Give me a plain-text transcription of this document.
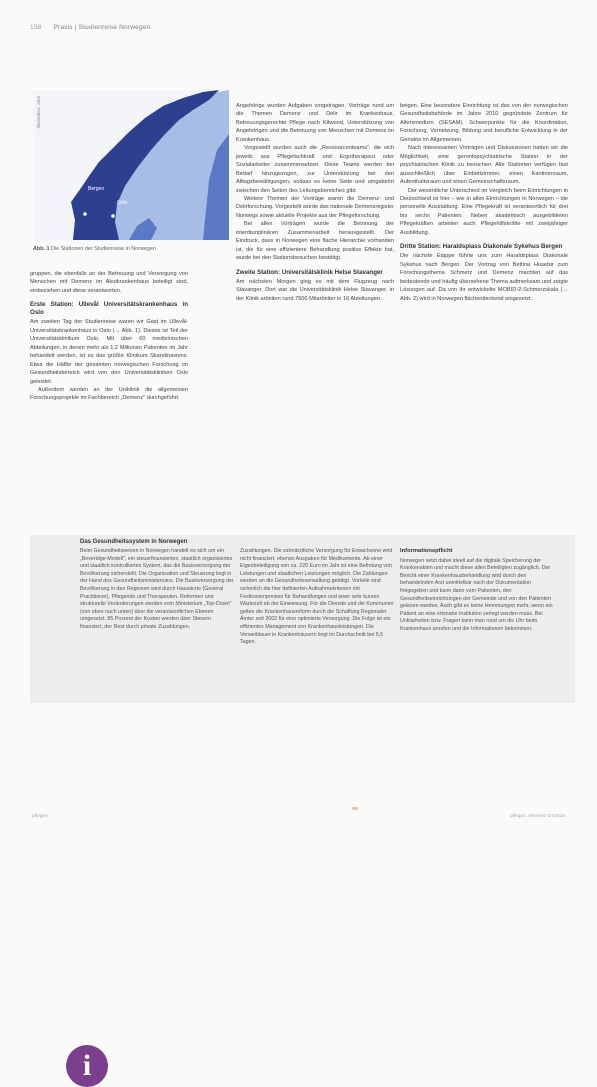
158 Praxis | Studienreise Norwegen
Bergen
Oslo
Illustration: Jobs
Abb. 1 Die Stationen der Studienreise in Norwegen

gruppen, die ebenfalls an der Betreuung und Versorgung von Menschen mit Demenz im Akutkrankenhaus beteiligt sind, einbeziehen und diese verantworten.

Erste Station: Ullevål Universitätskrankenhaus in Oslo

Am zweiten Tag der Studienreise waren wir Gast im Ullevål-Universitätskrankenhaus in Oslo (→ Abb. 1). Dieses ist Teil der Universitätsklinikum Oslo. Mit über 60 medizinischen Abteilungen, in denen mehr als 1,2 Millionen Patienten im Jahr behandelt werden, ist es das größte Klinikum Skandinaviens. Etwa die Hälfte der gesamten norwegischen Forschung im Gesundheitsbereich wird von den Universitätskliniken Oslo geleistet.

Außerdem werden an der Uniklinik die allgemeinen Forschungsprojekte im Fachbereich „Demenz" durchgeführt.

Angehörige wurden Aufgaben vorgetragen. Vorträge rund um die Themen Demenz und Delir im Krankenhaus, Betreuungsgerechte Pflege nach Kitwood, Unterstützung von Angehörigen und die Betreuung von Menschen mit Demenz im Krankenhaus.

Vorgestellt wurden auch die „Ressourcenteams", die sich jeweils aus Pflegefachkraft und Ergotherapeut oder Sozialarbeiter zusammensetzen. Diese Teams werden bei Bedarf hinzugezogen, zur Unterstützung bei den Alltagsbewältigungen, sodass es keine Seite und umgekehrt zwischen den Seiten des Leitungsbereiches gibt.

Weitere Themen der Vorträge waren die Demenz- und Delirforschung. Vorgestellt wurde das nationale Demenzregister Norwegs sowie aktuelle Projekte aus der Pflegeforschung.

Bei allen Vorträgen wurde die Betonung der interdisziplinären Zusammenarbeit herausgestellt. Der Eindruck, dass in Norwegen eine flache Hierarchie vorhanden ist, die für eine effizientere Behandlung positive Effekte hat, wurde bei den Stationsbesuchen bestätigt.

Zweite Station: Universitätsklinik Helse Stavanger

Am nächsten Morgen ging es mit dem Flugzeug nach Stavanger. Dort war die Universitätsklinik Helse Stavanger, in der Klinik arbeiten rund 7500 Mitarbeiter in 16 Abteilungen.

beigen. Eine besondere Einrichtung ist das von der norwegischen Gesundheitsbehörde im Jahre 2010 gegründete Zentrum für Altersmedizin (SESAM). Schwerpunkte für die Koordination, Forschung, Vernetzung, Bildung und berufliche Entwicklung in der Geriatrie im Allgemeinen.

Nach interessanten Vorträgen und Diskussionen hatten wir die Möglichkeit, eine gerontopsychiatrische Station in der psychiatrischen Klinik zu besuchen. Alle Stationen verfügen fast ausschließlich über Einbettzimmer, einen Kantinenraum, Aufenthaltsraum und einen Gemeinschaftsraum.

Der wesentliche Unterschied im Vergleich beim Einrichtungen in Deutschland ist hier – wie in allen Einrichtungen in Norwegen – die personelle Ausstattung. Eine Pflegekraft ist verantwortlich für drei bis sechs Patienten. Neben akademisch ausgebildeten Pflegekräften arbeiten auch Pflegehilfskräfte mit zweijähriger Ausbildung.

Dritte Station: Haraldsplass Diakonale Sykehus Bergen

Die nächste Etappe führte uns zum Haraldsplass Diakonale Sykehus nach Bergen. Der Vortrag von Bettina Husebø zum Forschungsthema Schmerz und Demenz machten auf das bedeutende und häufig übersehene Thema aufmerksam und zeigte Lösungen auf. Da von ihr entwickelte MOBID-2-Schmerzskala (→ Abb. 2) wird in Norwegen flächendeckend eingesetzt.

i
Das Gesundheitssystem in Norwegen

Beim Gesundheitswesen in Norwegen handelt es sich um ein „Beveridge-Modell", ein steuerfinanziertes, staatlich organisiertes und staatlich kontrolliertes System, das die Basisversorgung der Bevölkerung sicherstellt. Die Organisation und Steuerung liegt in der Hand des Gesundheitsministeriums. Die Basisversorgung der Bevölkerung in den Regionen wird durch Hausärzte (General Practitioner), Pflegende und Therapeuten. Reformen und strukturelle Veränderungen werden vom Ministerium „Top-Down" (von oben nach unten) über die verantwortlichen Ebenen umgesetzt. 85 Prozent der Kosten werden über Steuern finanziert, der Rest durch private Zuzahlungen.

Zuzahlungen. Die zahnärztliche Versorgung für Erwachsene wird nicht finanziert, ebenso Ausgaben für Medikamente. Ab einer Eigenbeteiligung von ca. 220 Euro im Jahr ist eine Befreiung von Leistungen und staatlichen Leistungen möglich. Die Zahlungen werden an die Gesundheitsverwaltung getätigt. Vorteile sind sicherlich die hier definierten Aufnahmekriterien mit Festkostenpreisen für Behandlungen und einer sehr kurzen Wartezeit ab der Einweisung. Für die Dienste und die Kommunen gelten die Krankenhausreform durch die Schaffung Regionaler Ämter seit 2002 für eine optimierte Versorgung. Die Folge ist ein effizientes Management von Krankenhausleistungen. Die Verweildauer in Krankenhäusern liegt im Durchschnitt bei 5,5 Tagen.

Informationspflicht

Norwegen setzt dabei ideell auf die digitale Speicherung der Krankenakten und macht diese allen Beteiligten zugänglich. Der Bericht einer Krankenhausbehandlung wird durch den behandelnden Arzt unmittelbar nach der Dokumentation freigegeben und kann dann vom Patienten, den Gesundheitseinrichtungen der Gemeinde und von den Patienten gelesen werden. Auch gibt es keine Hemmungen mehr, wenn ein Patient an eine ortsnahe Institution verlegt werden muss. Bei Unklarheiten bzw. Fragen kann man rund um die Uhr beim Krankenhaus anrufen und die Informationen bekommen.

pflegen	pflegen: Demenz 34/2015
